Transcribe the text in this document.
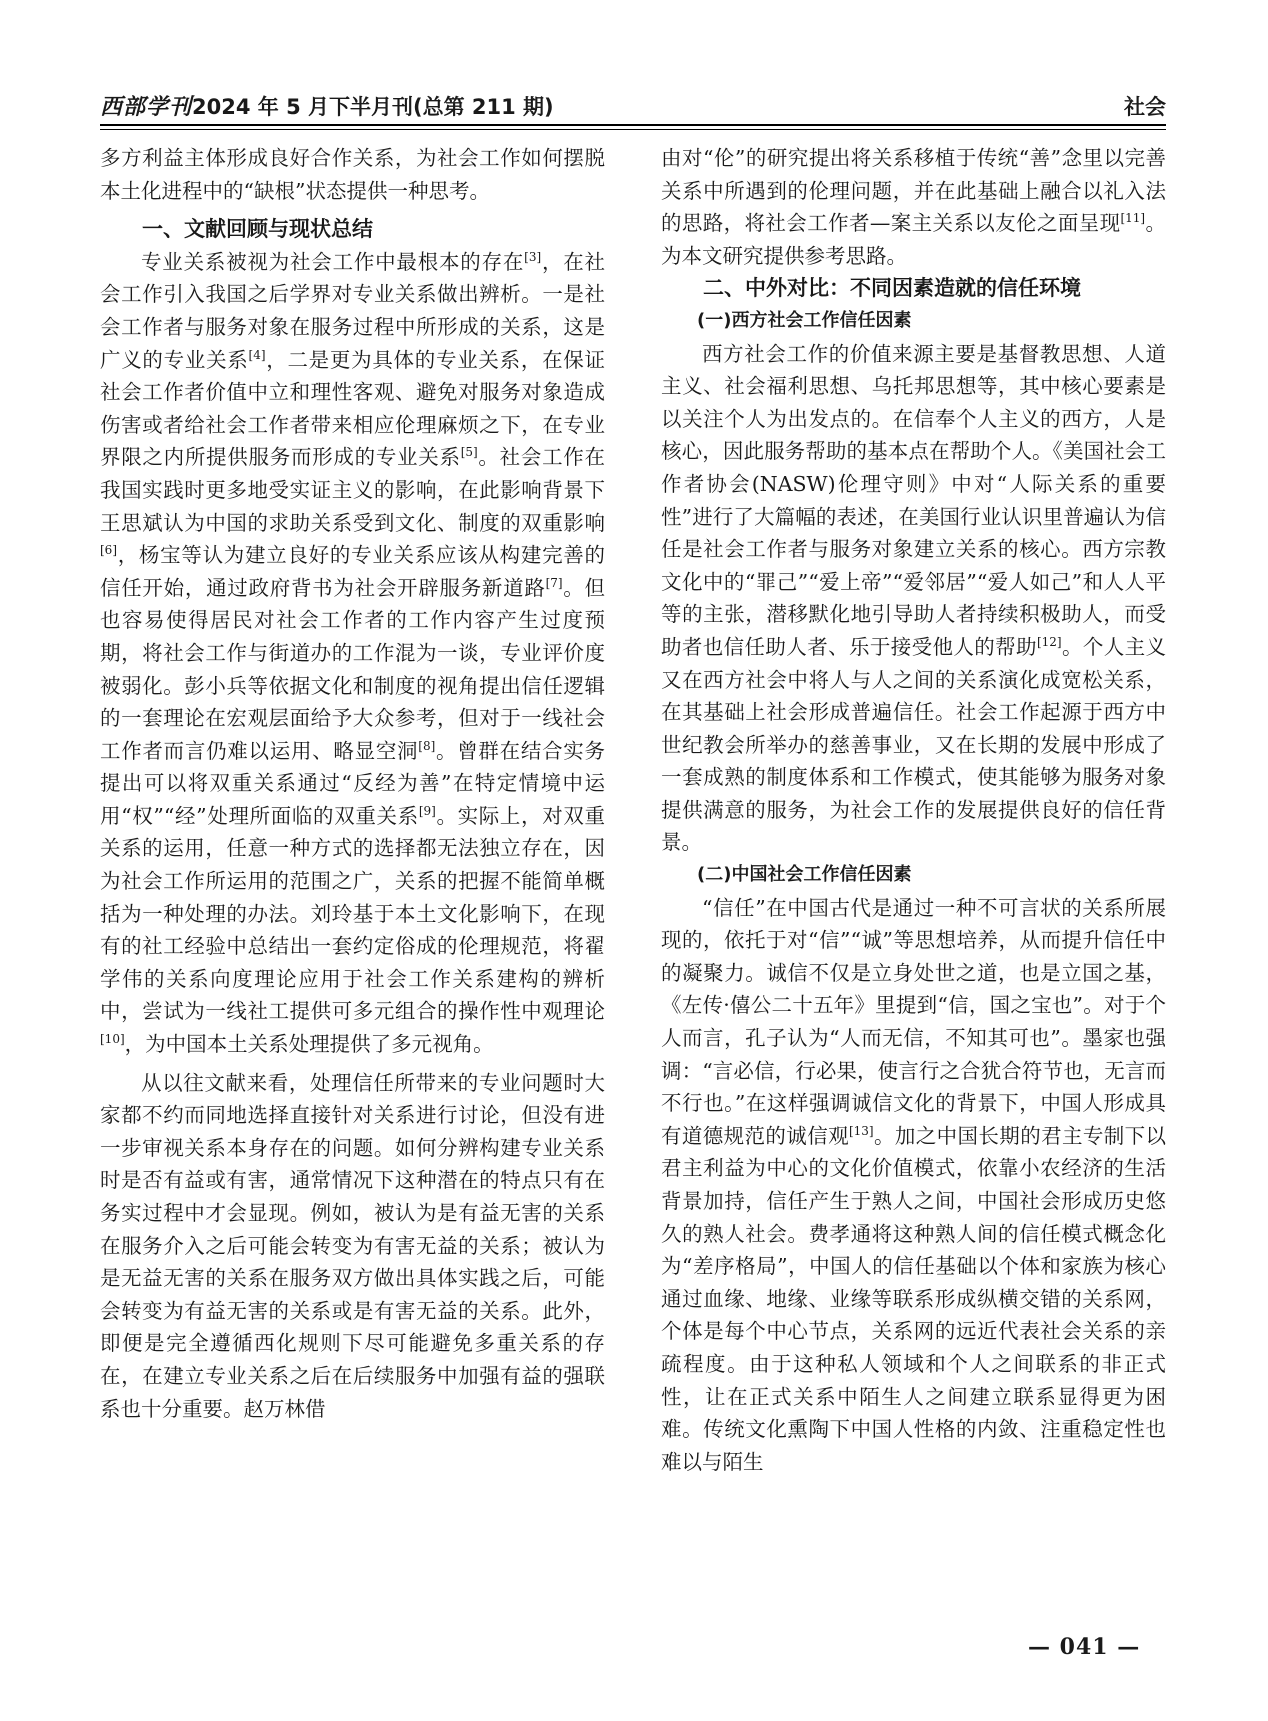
西部学刊 2024 年 5 月下半月刊(总第 211 期)	社会

多方利益主体形成良好合作关系，为社会工作如何摆脱本土化进程中的“缺根”状态提供一种思考。

一、文献回顾与现状总结

专业关系被视为社会工作中最根本的存在[3]，在社会工作引入我国之后学界对专业关系做出辨析。一是社会工作者与服务对象在服务过程中所形成的关系，这是广义的专业关系[4]，二是更为具体的专业关系，在保证社会工作者价值中立和理性客观、避免对服务对象造成伤害或者给社会工作者带来相应伦理麻烦之下，在专业界限之内所提供服务而形成的专业关系[5]。社会工作在我国实践时更多地受实证主义的影响，在此影响背景下王思斌认为中国的求助关系受到文化、制度的双重影响[6]，杨宝等认为建立良好的专业关系应该从构建完善的信任开始，通过政府背书为社会开辟服务新道路[7]。但也容易使得居民对社会工作者的工作内容产生过度预期，将社会工作与街道办的工作混为一谈，专业评价度被弱化。彭小兵等依据文化和制度的视角提出信任逻辑的一套理论在宏观层面给予大众参考，但对于一线社会工作者而言仍难以运用、略显空洞[8]。曾群在结合实务提出可以将双重关系通过“反经为善”在特定情境中运用“权”“经”处理所面临的双重关系[9]。实际上，对双重关系的运用，任意一种方式的选择都无法独立存在，因为社会工作所运用的范围之广，关系的把握不能简单概括为一种处理的办法。刘玲基于本土文化影响下，在现有的社工经验中总结出一套约定俗成的伦理规范，将翟学伟的关系向度理论应用于社会工作关系建构的辨析中，尝试为一线社工提供可多元组合的操作性中观理论[10]，为中国本土关系处理提供了多元视角。

从以往文献来看，处理信任所带来的专业问题时大家都不约而同地选择直接针对关系进行讨论，但没有进一步审视关系本身存在的问题。如何分辨构建专业关系时是否有益或有害，通常情况下这种潜在的特点只有在务实过程中才会显现。例如，被认为是有益无害的关系在服务介入之后可能会转变为有害无益的关系；被认为是无益无害的关系在服务双方做出具体实践之后，可能会转变为有益无害的关系或是有害无益的关系。此外，即便是完全遵循西化规则下尽可能避免多重关系的存在，在建立专业关系之后在后续服务中加强有益的强联系也十分重要。赵万林借

由对“伦”的研究提出将关系移植于传统“善”念里以完善关系中所遇到的伦理问题，并在此基础上融合以礼入法的思路，将社会工作者—案主关系以友伦之面呈现[11]。为本文研究提供参考思路。

二、中外对比：不同因素造就的信任环境

(一)西方社会工作信任因素

西方社会工作的价值来源主要是基督教思想、人道主义、社会福利思想、乌托邦思想等，其中核心要素是以关注个人为出发点的。在信奉个人主义的西方，人是核心，因此服务帮助的基本点在帮助个人。《美国社会工作者协会(NASW)伦理守则》中对“人际关系的重要性”进行了大篇幅的表述，在美国行业认识里普遍认为信任是社会工作者与服务对象建立关系的核心。西方宗教文化中的“罪己”“爱上帝”“爱邻居”“爱人如己”和人人平等的主张，潜移默化地引导助人者持续积极助人，而受助者也信任助人者、乐于接受他人的帮助[12]。个人主义又在西方社会中将人与人之间的关系演化成宽松关系，在其基础上社会形成普遍信任。社会工作起源于西方中世纪教会所举办的慈善事业，又在长期的发展中形成了一套成熟的制度体系和工作模式，使其能够为服务对象提供满意的服务，为社会工作的发展提供良好的信任背景。

(二)中国社会工作信任因素

“信任”在中国古代是通过一种不可言状的关系所展现的，依托于对“信”“诚”等思想培养，从而提升信任中的凝聚力。诚信不仅是立身处世之道，也是立国之基，《左传·僖公二十五年》里提到“信，国之宝也”。对于个人而言，孔子认为“人而无信，不知其可也”。墨家也强调：“言必信，行必果，使言行之合犹合符节也，无言而不行也。”在这样强调诚信文化的背景下，中国人形成具有道德规范的诚信观[13]。加之中国长期的君主专制下以君主利益为中心的文化价值模式，依靠小农经济的生活背景加持，信任产生于熟人之间，中国社会形成历史悠久的熟人社会。费孝通将这种熟人间的信任模式概念化为“差序格局”，中国人的信任基础以个体和家族为核心通过血缘、地缘、业缘等联系形成纵横交错的关系网，个体是每个中心节点，关系网的远近代表社会关系的亲疏程度。由于这种私人领域和个人之间联系的非正式性，让在正式关系中陌生人之间建立联系显得更为困难。传统文化熏陶下中国人性格的内敛、注重稳定性也难以与陌生

— 041 —
